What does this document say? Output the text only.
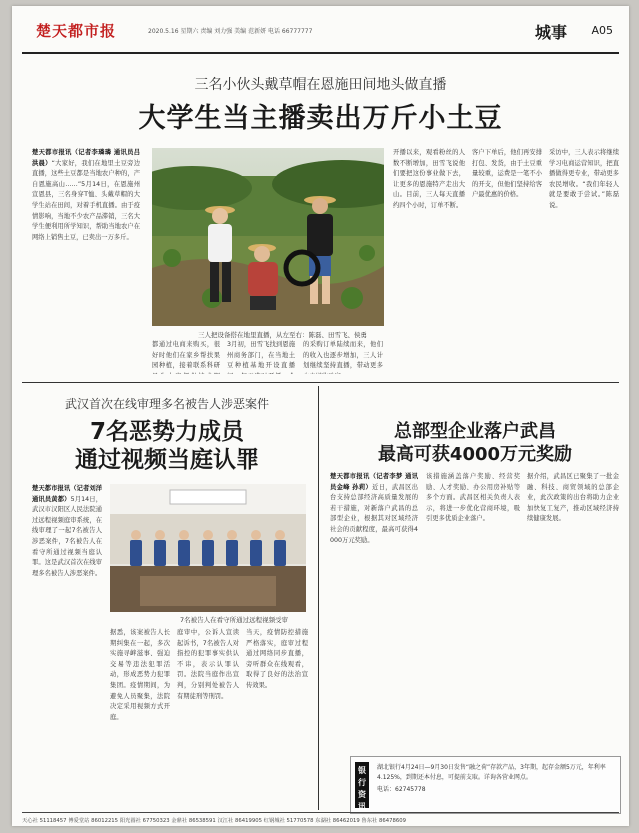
楚天都市报	2020.5.16 星期六 责编 刘力强 美编 范新妍 电话 66777777	城事 A05
三名小伙头戴草帽在恩施田间地头做直播
大学生当主播卖出万斤小土豆
三人把设备搭在地里直播，从左至右：陈磊、田雪飞、侯勇
楚天都市报讯（记者李璘璘 通讯员吕洪晨）“大家好，我们在地里土豆旁边直播，这些土豆都是当地农户种的，产自恩施高山……”5月14日，在恩施州宣恩县，三名身穿T恤、头戴草帽的大学生站在田间，对着手机直播。由于疫情影响，当地不少农产品滞销，三名大学生便利用所学知识，帮助当地农户在网络上销售土豆，已卖出一万多斤。
都通过电商来购买，很好时他们在家乡帮扶果园种植，接着联系科研
3月初，田雪飞找到恩施州商务部门，在当地土豆种植基地开设直播
的采购订单陆续而来，他们的收入也逐步增加，三人计划继续坚持直播，带动更多
开播以来，观看粉丝的人数不断增加，田雪飞说他们要把这份事业做下去，让更多的恩施特产走出大山。目前，三人每天直播约四个小时，订单不断。
客户下单后，他们再安排打包、发货，由于土豆重量较重，运费是一笔不小的开支，但他们坚持给客户最优惠的价格。
采访中，三人表示将继续学习电商运营知识，把直播做得更专业，带动更多农民增收。“我们年轻人就是要敢于尝试。”陈磊说。
武汉首次在线审理多名被告人涉恶案件
7名恶势力成员
通过视频当庭认罪
楚天都市报讯（记者刘洋 通讯员黄都）5月14日，武汉市汉阳区人民法院通过远程视频庭审系统，在线审理了一起7名被告人涉恶案件，7名被告人在看守所通过视频当庭认罪。这是武汉首次在线审理多名被告人涉恶案件。
7名被告人在看守所通过远程视频受审
据悉，该案被告人长期纠集在一起，多次实施寻衅滋事、强迫交易等违法犯罪活动，形成恶势力犯罪集团。疫情期间，为避免人员聚集，法院决定采用视频方式开庭。
庭审中，公诉人宣读起诉书，7名被告人对指控的犯罪事实供认不讳，表示认罪认罚。法院当庭作出宣判，分别判处被告人有期徒刑等刑罚。
当天，疫情防控措施严格落实，庭审过程通过网络同步直播，旁听群众在线观看，取得了良好的法治宣传效果。
总部型企业落户武昌
最高可获4000万元奖励
楚天都市报讯（记者李梦 通讯员金峰 孙莉）近日，武昌区出台支持总部经济高质量发展的若干措施，对新落户武昌的总部型企业，根据其对区域经济社会的贡献程度，最高可获得4000万元奖励。
该措施涵盖落户奖励、经营奖励、人才奖励、办公用房补贴等多个方面。武昌区相关负责人表示，将进一步优化营商环境，吸引更多优质企业落户。
据介绍，武昌区已聚集了一批金融、科技、商贸领域的总部企业，此次政策的出台将助力企业加快复工复产，推动区域经济持续健康发展。
银行资讯
湖北银行4月24日—9月30日发售“融之荷”存款产品，3年期，起存金额5万元，年利率4.125%，到期还本付息，可提前支取。详询各营业网点。
电话：62745778
天心社 51118457 博爱堂站 86012215 阳光圆社 67750323 金鼎社 86538591 汉江社 86419905 红钢城社 51770578 东湖社 86462019 鲁东社 86478609
